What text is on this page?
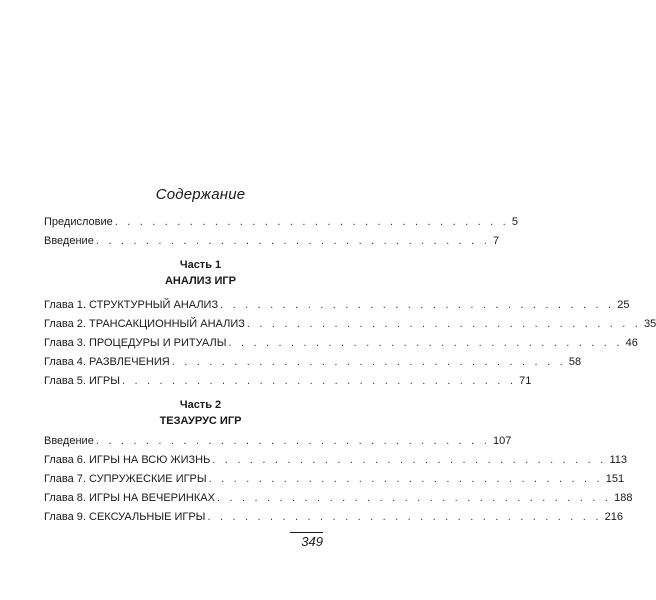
Содержание
Предисловие . . . . . . . . . . . . . . . . . . . . . . . . . . . . . . . . 5
Введение . . . . . . . . . . . . . . . . . . . . . . . . . . . . . . . . 7
Часть 1
АНАЛИЗ ИГР
Глава 1. СТРУКТУРНЫЙ АНАЛИЗ . . . . . . . . . . . . . . . . . . . . . . . . . . . . . . . . 25
Глава 2. ТРАНСАКЦИОННЫЙ АНАЛИЗ . . . . . . . . . . . . . . . . . . . . . . . . . . . . . . . . 35
Глава 3. ПРОЦЕДУРЫ И РИТУАЛЫ . . . . . . . . . . . . . . . . . . . . . . . . . . . . . . . . 46
Глава 4. РАЗВЛЕЧЕНИЯ . . . . . . . . . . . . . . . . . . . . . . . . . . . . . . . . 58
Глава 5. ИГРЫ . . . . . . . . . . . . . . . . . . . . . . . . . . . . . . . . 71
Часть 2
ТЕЗАУРУС ИГР
Введение . . . . . . . . . . . . . . . . . . . . . . . . . . . . . . . . 107
Глава 6. ИГРЫ НА ВСЮ ЖИЗНЬ . . . . . . . . . . . . . . . . . . . . . . . . . . . . . . . . 113
Глава 7. СУПРУЖЕСКИЕ ИГРЫ . . . . . . . . . . . . . . . . . . . . . . . . . . . . . . . . 151
Глава 8. ИГРЫ НА ВЕЧЕРИНКАХ . . . . . . . . . . . . . . . . . . . . . . . . . . . . . . . . 188
Глава 9. СЕКСУАЛЬНЫЕ ИГРЫ . . . . . . . . . . . . . . . . . . . . . . . . . . . . . . . . 216
349
